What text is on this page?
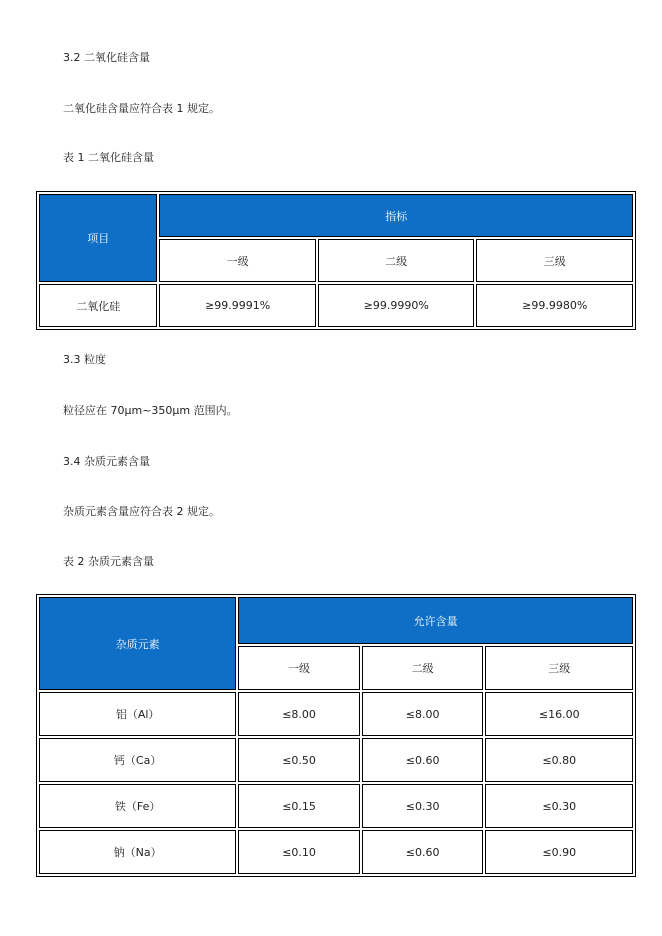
3.2 二氧化硅含量

二氧化硅含量应符合表 1 规定。

表 1 二氧化硅含量

项目	指标		
	一级	二级	三级
二氧化硅	≥99.9991%	≥99.9990%	≥99.9980%

3.3 粒度

粒径应在 70μm~350μm 范围内。

3.4 杂质元素含量

杂质元素含量应符合表 2 规定。

表 2 杂质元素含量

杂质元素	允许含量		
	一级	二级	三级
铝（Al）	≤8.00	≤8.00	≤16.00
钙（Ca）	≤0.50	≤0.60	≤0.80
铁（Fe）	≤0.15	≤0.30	≤0.30
钠（Na）	≤0.10	≤0.60	≤0.90
